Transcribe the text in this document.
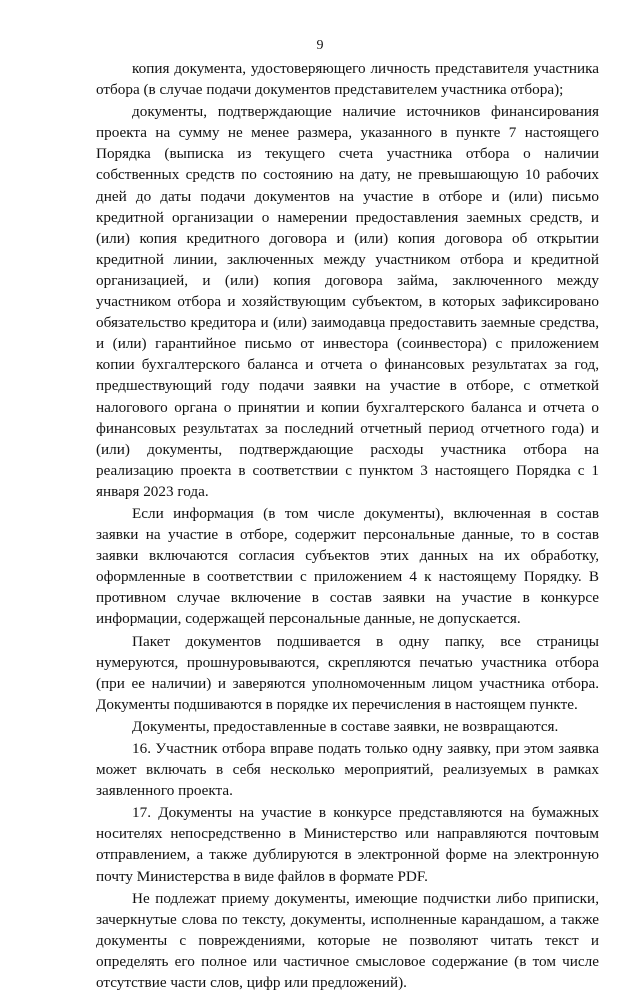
9

копия документа, удостоверяющего личность представителя участника отбора (в случае подачи документов представителем участника отбора);

документы, подтверждающие наличие источников финансирования проекта на сумму не менее размера, указанного в пункте 7 настоящего Порядка (выписка из текущего счета участника отбора о наличии собственных средств по состоянию на дату, не превышающую 10 рабочих дней до даты подачи документов на участие в отборе и (или) письмо кредитной организации о намерении предоставления заемных средств, и (или) копия кредитного договора и (или) копия договора об открытии кредитной линии, заключенных между участником отбора и кредитной организацией, и (или) копия договора займа, заключенного между участником отбора и хозяйствующим субъектом, в которых зафиксировано обязательство кредитора и (или) заимодавца предоставить заемные средства, и (или) гарантийное письмо от инвестора (соинвестора) с приложением копии бухгалтерского баланса и отчета о финансовых результатах за год, предшествующий году подачи заявки на участие в отборе, с отметкой налогового органа о принятии и копии бухгалтерского баланса и отчета о финансовых результатах за последний отчетный период отчетного года) и (или) документы, подтверждающие расходы участника отбора на реализацию проекта в соответствии с пунктом 3 настоящего Порядка с 1 января 2023 года.

Если информация (в том числе документы), включенная в состав заявки на участие в отборе, содержит персональные данные, то в состав заявки включаются согласия субъектов этих данных на их обработку, оформленные в соответствии с приложением 4 к настоящему Порядку. В противном случае включение в состав заявки на участие в конкурсе информации, содержащей персональные данные, не допускается.

Пакет документов подшивается в одну папку, все страницы нумеруются, прошнуровываются, скрепляются печатью участника отбора (при ее наличии) и заверяются уполномоченным лицом участника отбора. Документы подшиваются в порядке их перечисления в настоящем пункте.

Документы, предоставленные в составе заявки, не возвращаются.

16. Участник отбора вправе подать только одну заявку, при этом заявка может включать в себя несколько мероприятий, реализуемых в рамках заявленного проекта.

17. Документы на участие в конкурсе представляются на бумажных носителях непосредственно в Министерство или направляются почтовым отправлением, а также дублируются в электронной форме на электронную почту Министерства в виде файлов в формате PDF.

Не подлежат приему документы, имеющие подчистки либо приписки, зачеркнутые слова по тексту, документы, исполненные карандашом, а также документы с повреждениями, которые не позволяют читать текст и определять его полное или частичное смысловое содержание (в том числе отсутствие части слов, цифр или предложений).
